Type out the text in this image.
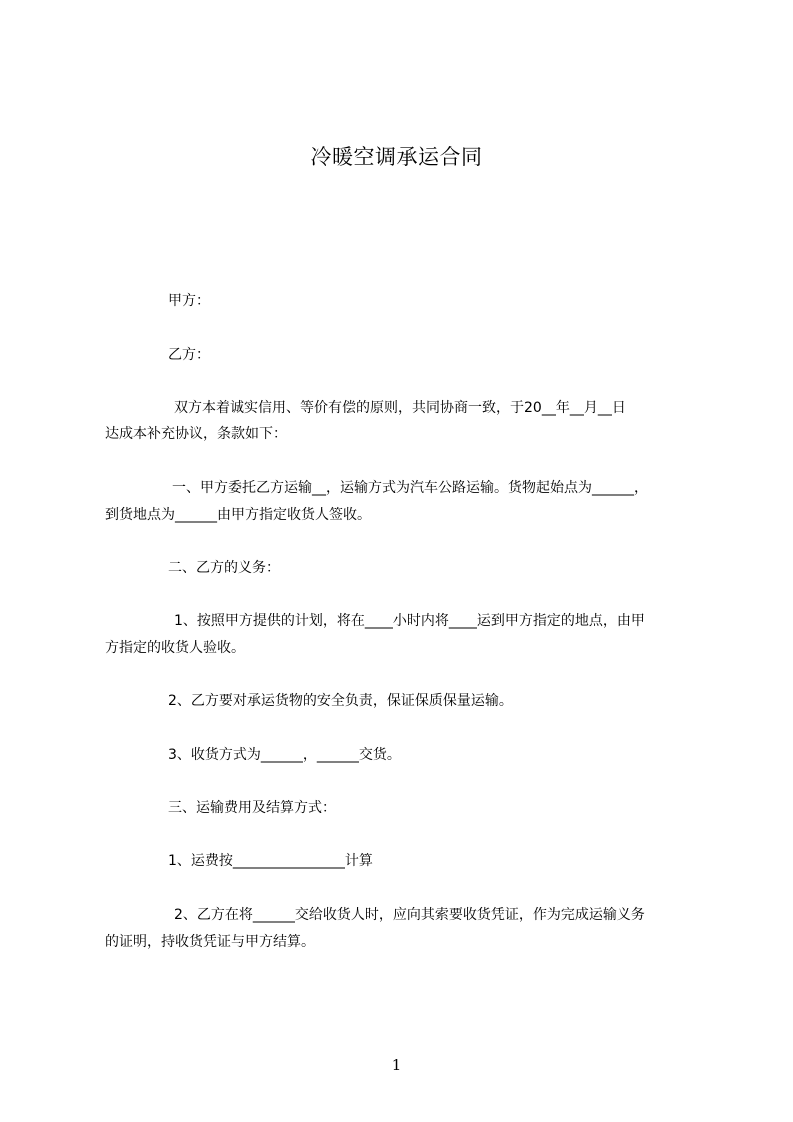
冷暖空调承运合同
甲方：
乙方：
双方本着诚实信用、等价有偿的原则，共同协商一致，于20__年__月__日
达成本补充协议，条款如下：
一、甲方委托乙方运输__，运输方式为汽车公路运输。货物起始点为______，
到货地点为______由甲方指定收货人签收。
二、乙方的义务：
1、按照甲方提供的计划，将在____小时内将____运到甲方指定的地点，由甲
方指定的收货人验收。
2、乙方要对承运货物的安全负责，保证保质保量运输。
3、收货方式为______，______交货。
三、运输费用及结算方式：
1、运费按________________计算
2、乙方在将______交给收货人时，应向其索要收货凭证，作为完成运输义务
的证明，持收货凭证与甲方结算。
1
